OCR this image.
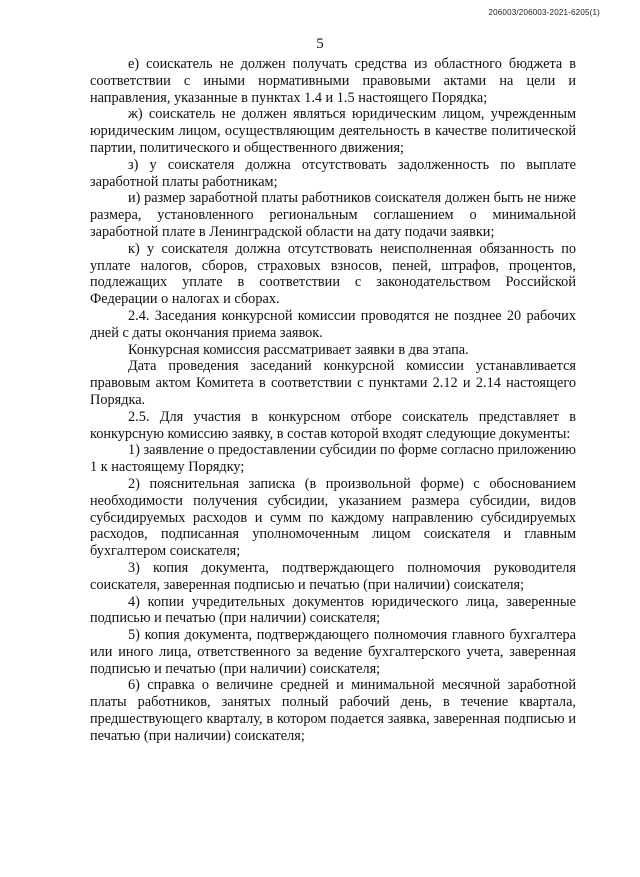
206003/206003-2021-6205(1)
5

е) соискатель не должен получать средства из областного бюджета в соответствии с иными нормативными правовыми актами на цели и направления, указанные в пунктах 1.4 и 1.5 настоящего Порядка;

ж) соискатель не должен являться юридическим лицом, учрежденным юридическим лицом, осуществляющим деятельность в качестве политической партии, политического и общественного движения;

з) у соискателя должна отсутствовать задолженность по выплате заработной платы работникам;

и) размер заработной платы работников соискателя должен быть не ниже размера, установленного региональным соглашением о минимальной заработной плате в Ленинградской области на дату подачи заявки;

к) у соискателя должна отсутствовать неисполненная обязанность по уплате налогов, сборов, страховых взносов, пеней, штрафов, процентов, подлежащих уплате в соответствии с законодательством Российской Федерации о налогах и сборах.

2.4. Заседания конкурсной комиссии проводятся не позднее 20 рабочих дней с даты окончания приема заявок.

Конкурсная комиссия рассматривает заявки в два этапа.

Дата проведения заседаний конкурсной комиссии устанавливается правовым актом Комитета в соответствии с пунктами 2.12 и 2.14 настоящего Порядка.

2.5. Для участия в конкурсном отборе соискатель представляет в конкурсную комиссию заявку, в состав которой входят следующие документы:

1) заявление о предоставлении субсидии по форме согласно приложению 1 к настоящему Порядку;

2) пояснительная записка (в произвольной форме) с обоснованием необходимости получения субсидии, указанием размера субсидии, видов субсидируемых расходов и сумм по каждому направлению субсидируемых расходов, подписанная уполномоченным лицом соискателя и главным бухгалтером соискателя;

3) копия документа, подтверждающего полномочия руководителя соискателя, заверенная подписью и печатью (при наличии) соискателя;

4) копии учредительных документов юридического лица, заверенные подписью и печатью (при наличии) соискателя;

5) копия документа, подтверждающего полномочия главного бухгалтера или иного лица, ответственного за ведение бухгалтерского учета, заверенная подписью и печатью (при наличии) соискателя;

6) справка о величине средней и минимальной месячной заработной платы работников, занятых полный рабочий день, в течение квартала, предшествующего кварталу, в котором подается заявка, заверенная подписью и печатью (при наличии) соискателя;
